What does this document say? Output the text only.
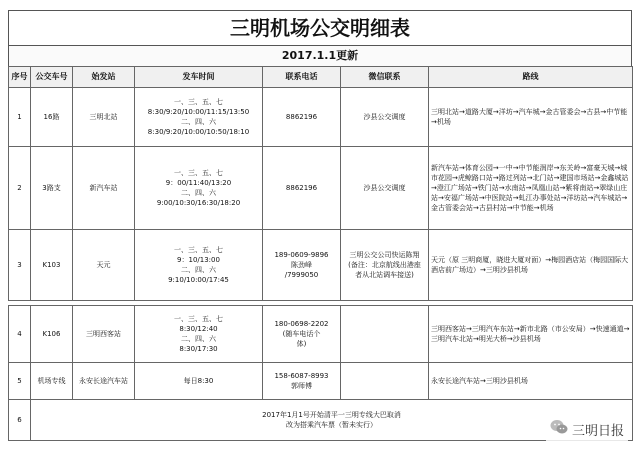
三明机场公交明细表
2017.1.1更新
序号	公交车号	始发站	发车时间	联系电话	微信联系	路线
1	16路	三明北站	一、三、五、七
8:30/9:20/10:00/11:15/13:50
二、四、六
8:30/9:20/10:00/10:50/18:10	8862196	沙县公交调度	三明北站→道路大厦→洋坊→汽车城→金古管委会→古县→中节能→机场
2	3路支	新汽车站	一、三、五、七
9：00/11:40/13:20
二、四、六
9:00/10:30/16:30/18:20	8862196	沙县公交调度	新汽车站→体育公园→一中→中节能润岸→东关岭→富豪天城→城市花园→虎鲸路口站→路过列站→北门站→建国市场站→金鑫城站→澄江广场站→铁门站→水南站→凤凰山站→紫将南站→翠绿山庄站→安福广场站→中医院站→虬江办事处站→洋坊站→汽车城站→金古管委会站→古县村站→中节能→机场
3	K103	天元	一、三、五、七
9：10/13:00
二、四、六
9:10/10:00/17:45	189-0609-9896
陈劲峰
/7999050	三明公交公司快运陈翔
(备注：北京航线出港座
者从北站调车接送)	天元（原 三明商厦，晓进大厦对面）→梅园酒店站（梅园国际大酒店前广场边）→三明沙县机场

4	K106	三明西客站	一、三、五、七
8:30/12:40
二、四、六
8:30/17:30	180-0698-2202
(随车电话个
体)		三明西客站→三明汽车东站→新市北路（市公安局）→快速通道→三明汽车北站→明光大桥→沙县机场
5	机场专线	永安长途汽车站	每日8:30	158-6087-8993
郭师傅		永安长途汽车站→三明沙县机场
6	2017年1月1号开始清平一三明专线大巴取消
改为搭乘汽车票（暂未实行）						三明日报
